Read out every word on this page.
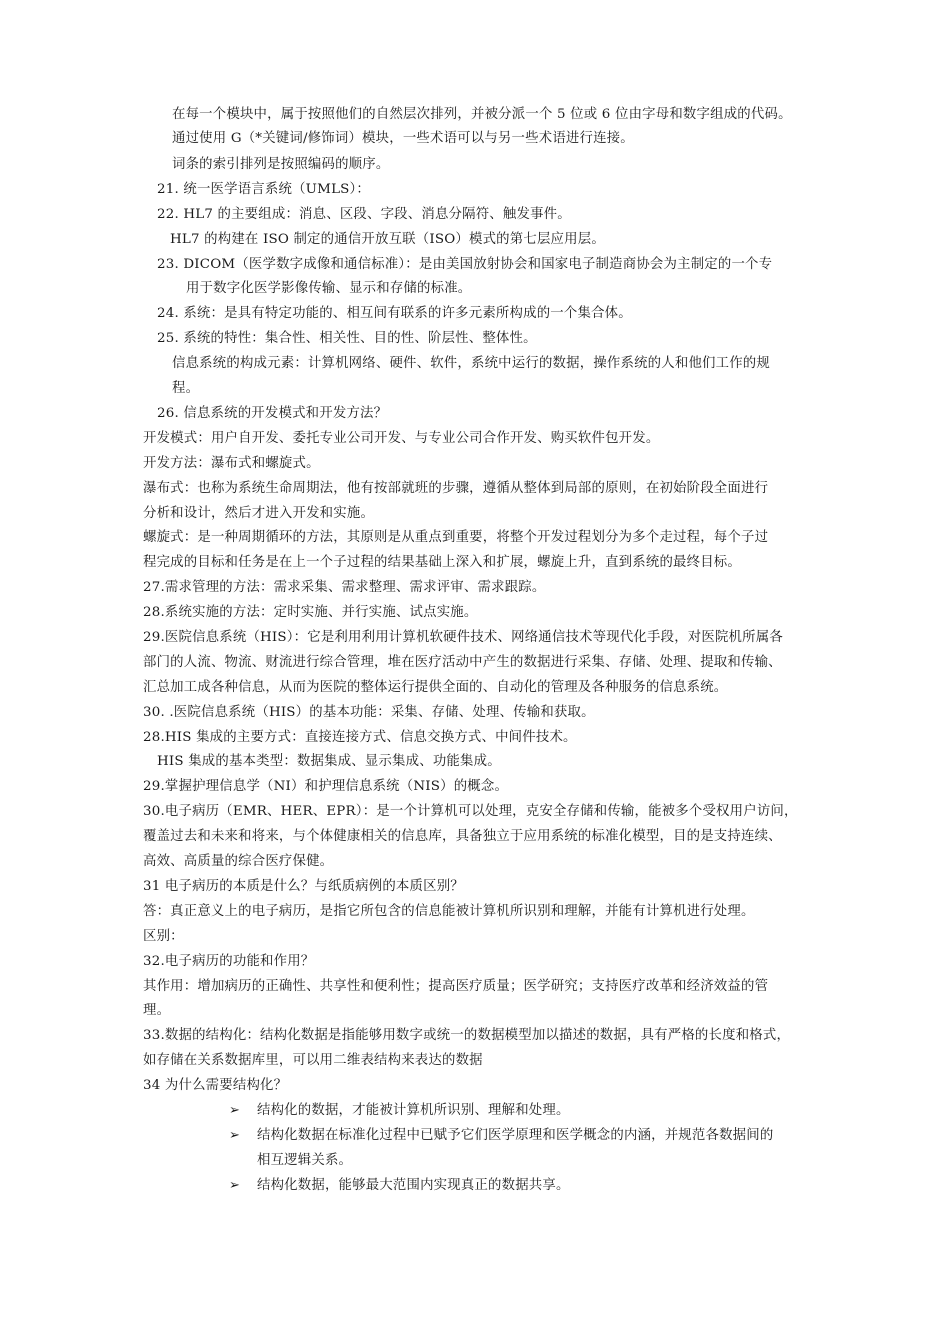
在每一个模块中，属于按照他们的自然层次排列，并被分派一个 5 位或 6 位由字母和数字组成的代码。
通过使用 G（*关键词/修饰词）模块，一些术语可以与另一些术语进行连接。
词条的索引排列是按照编码的顺序。
21. 统一医学语言系统（UMLS）：
22. HL7 的主要组成：消息、区段、字段、消息分隔符、触发事件。
HL7 的构建在 ISO 制定的通信开放互联（ISO）模式的第七层应用层。
23. DICOM（医学数字成像和通信标准）：是由美国放射协会和国家电子制造商协会为主制定的一个专
用于数字化医学影像传输、显示和存储的标准。
24. 系统：是具有特定功能的、相互间有联系的许多元素所构成的一个集合体。
25. 系统的特性：集合性、相关性、目的性、阶层性、整体性。
信息系统的构成元素：计算机网络、硬件、软件，系统中运行的数据，操作系统的人和他们工作的规
程。
26. 信息系统的开发模式和开发方法？
开发模式：用户自开发、委托专业公司开发、与专业公司合作开发、购买软件包开发。
开发方法：瀑布式和螺旋式。
瀑布式：也称为系统生命周期法，他有按部就班的步骤，遵循从整体到局部的原则，在初始阶段全面进行
分析和设计，然后才进入开发和实施。
螺旋式：是一种周期循环的方法，其原则是从重点到重要，将整个开发过程划分为多个走过程，每个子过
程完成的目标和任务是在上一个子过程的结果基础上深入和扩展，螺旋上升，直到系统的最终目标。
27.需求管理的方法：需求采集、需求整理、需求评审、需求跟踪。
28.系统实施的方法：定时实施、并行实施、试点实施。
29.医院信息系统（HIS）：它是利用利用计算机软硬件技术、网络通信技术等现代化手段，对医院机所属各
部门的人流、物流、财流进行综合管理，堆在医疗活动中产生的数据进行采集、存储、处理、提取和传输、
汇总加工成各种信息，从而为医院的整体运行提供全面的、自动化的管理及各种服务的信息系统。
30. .医院信息系统（HIS）的基本功能：采集、存储、处理、传输和获取。
28.HIS 集成的主要方式：直接连接方式、信息交换方式、中间件技术。
HIS 集成的基本类型：数据集成、显示集成、功能集成。
29.掌握护理信息学（NI）和护理信息系统（NIS）的概念。
30.电子病历（EMR、HER、EPR）：是一个计算机可以处理，克安全存储和传输，能被多个受权用户访问，
覆盖过去和未来和将来，与个体健康相关的信息库，具备独立于应用系统的标准化模型，目的是支持连续、
高效、高质量的综合医疗保健。
31 电子病历的本质是什么？与纸质病例的本质区别？
答：真正意义上的电子病历，是指它所包含的信息能被计算机所识别和理解，并能有计算机进行处理。
区别：
32.电子病历的功能和作用？
其作用：增加病历的正确性、共享性和便利性；提高医疗质量；医学研究；支持医疗改革和经济效益的管
理。
33.数据的结构化：结构化数据是指能够用数字或统一的数据模型加以描述的数据，具有严格的长度和格式，
如存储在关系数据库里，可以用二维表结构来表达的数据
34 为什么需要结构化？
➢ 结构化的数据，才能被计算机所识别、理解和处理。
➢ 结构化数据在标准化过程中已赋予它们医学原理和医学概念的内涵，并规范各数据间的
相互逻辑关系。
➢ 结构化数据，能够最大范围内实现真正的数据共享。
